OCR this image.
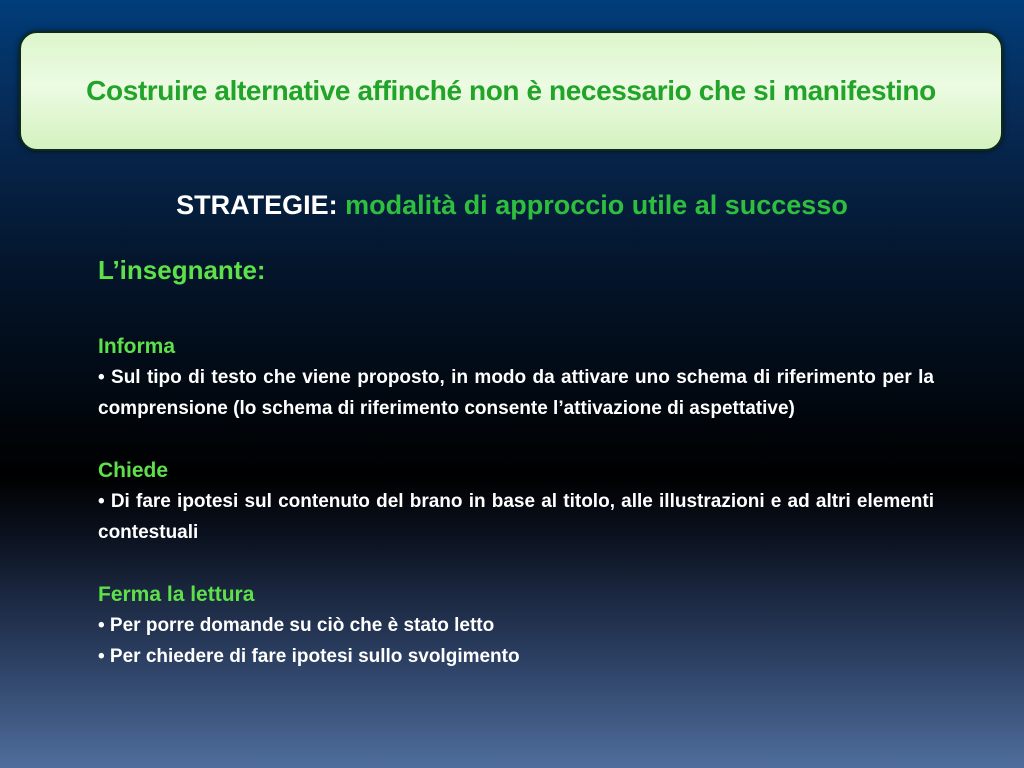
Costruire alternative affinché non è necessario che si manifestino
STRATEGIE: modalità di approccio utile al successo
L’insegnante:
Informa

• Sul tipo di testo che viene proposto, in modo da attivare uno schema di riferimento per la comprensione (lo schema di riferimento consente l’attivazione di aspettative)

Chiede

• Di fare ipotesi sul contenuto del brano in base al titolo, alle illustrazioni e ad altri elementi contestuali

Ferma la lettura

• Per porre domande su ciò che è stato letto

• Per chiedere di fare ipotesi sullo svolgimento
